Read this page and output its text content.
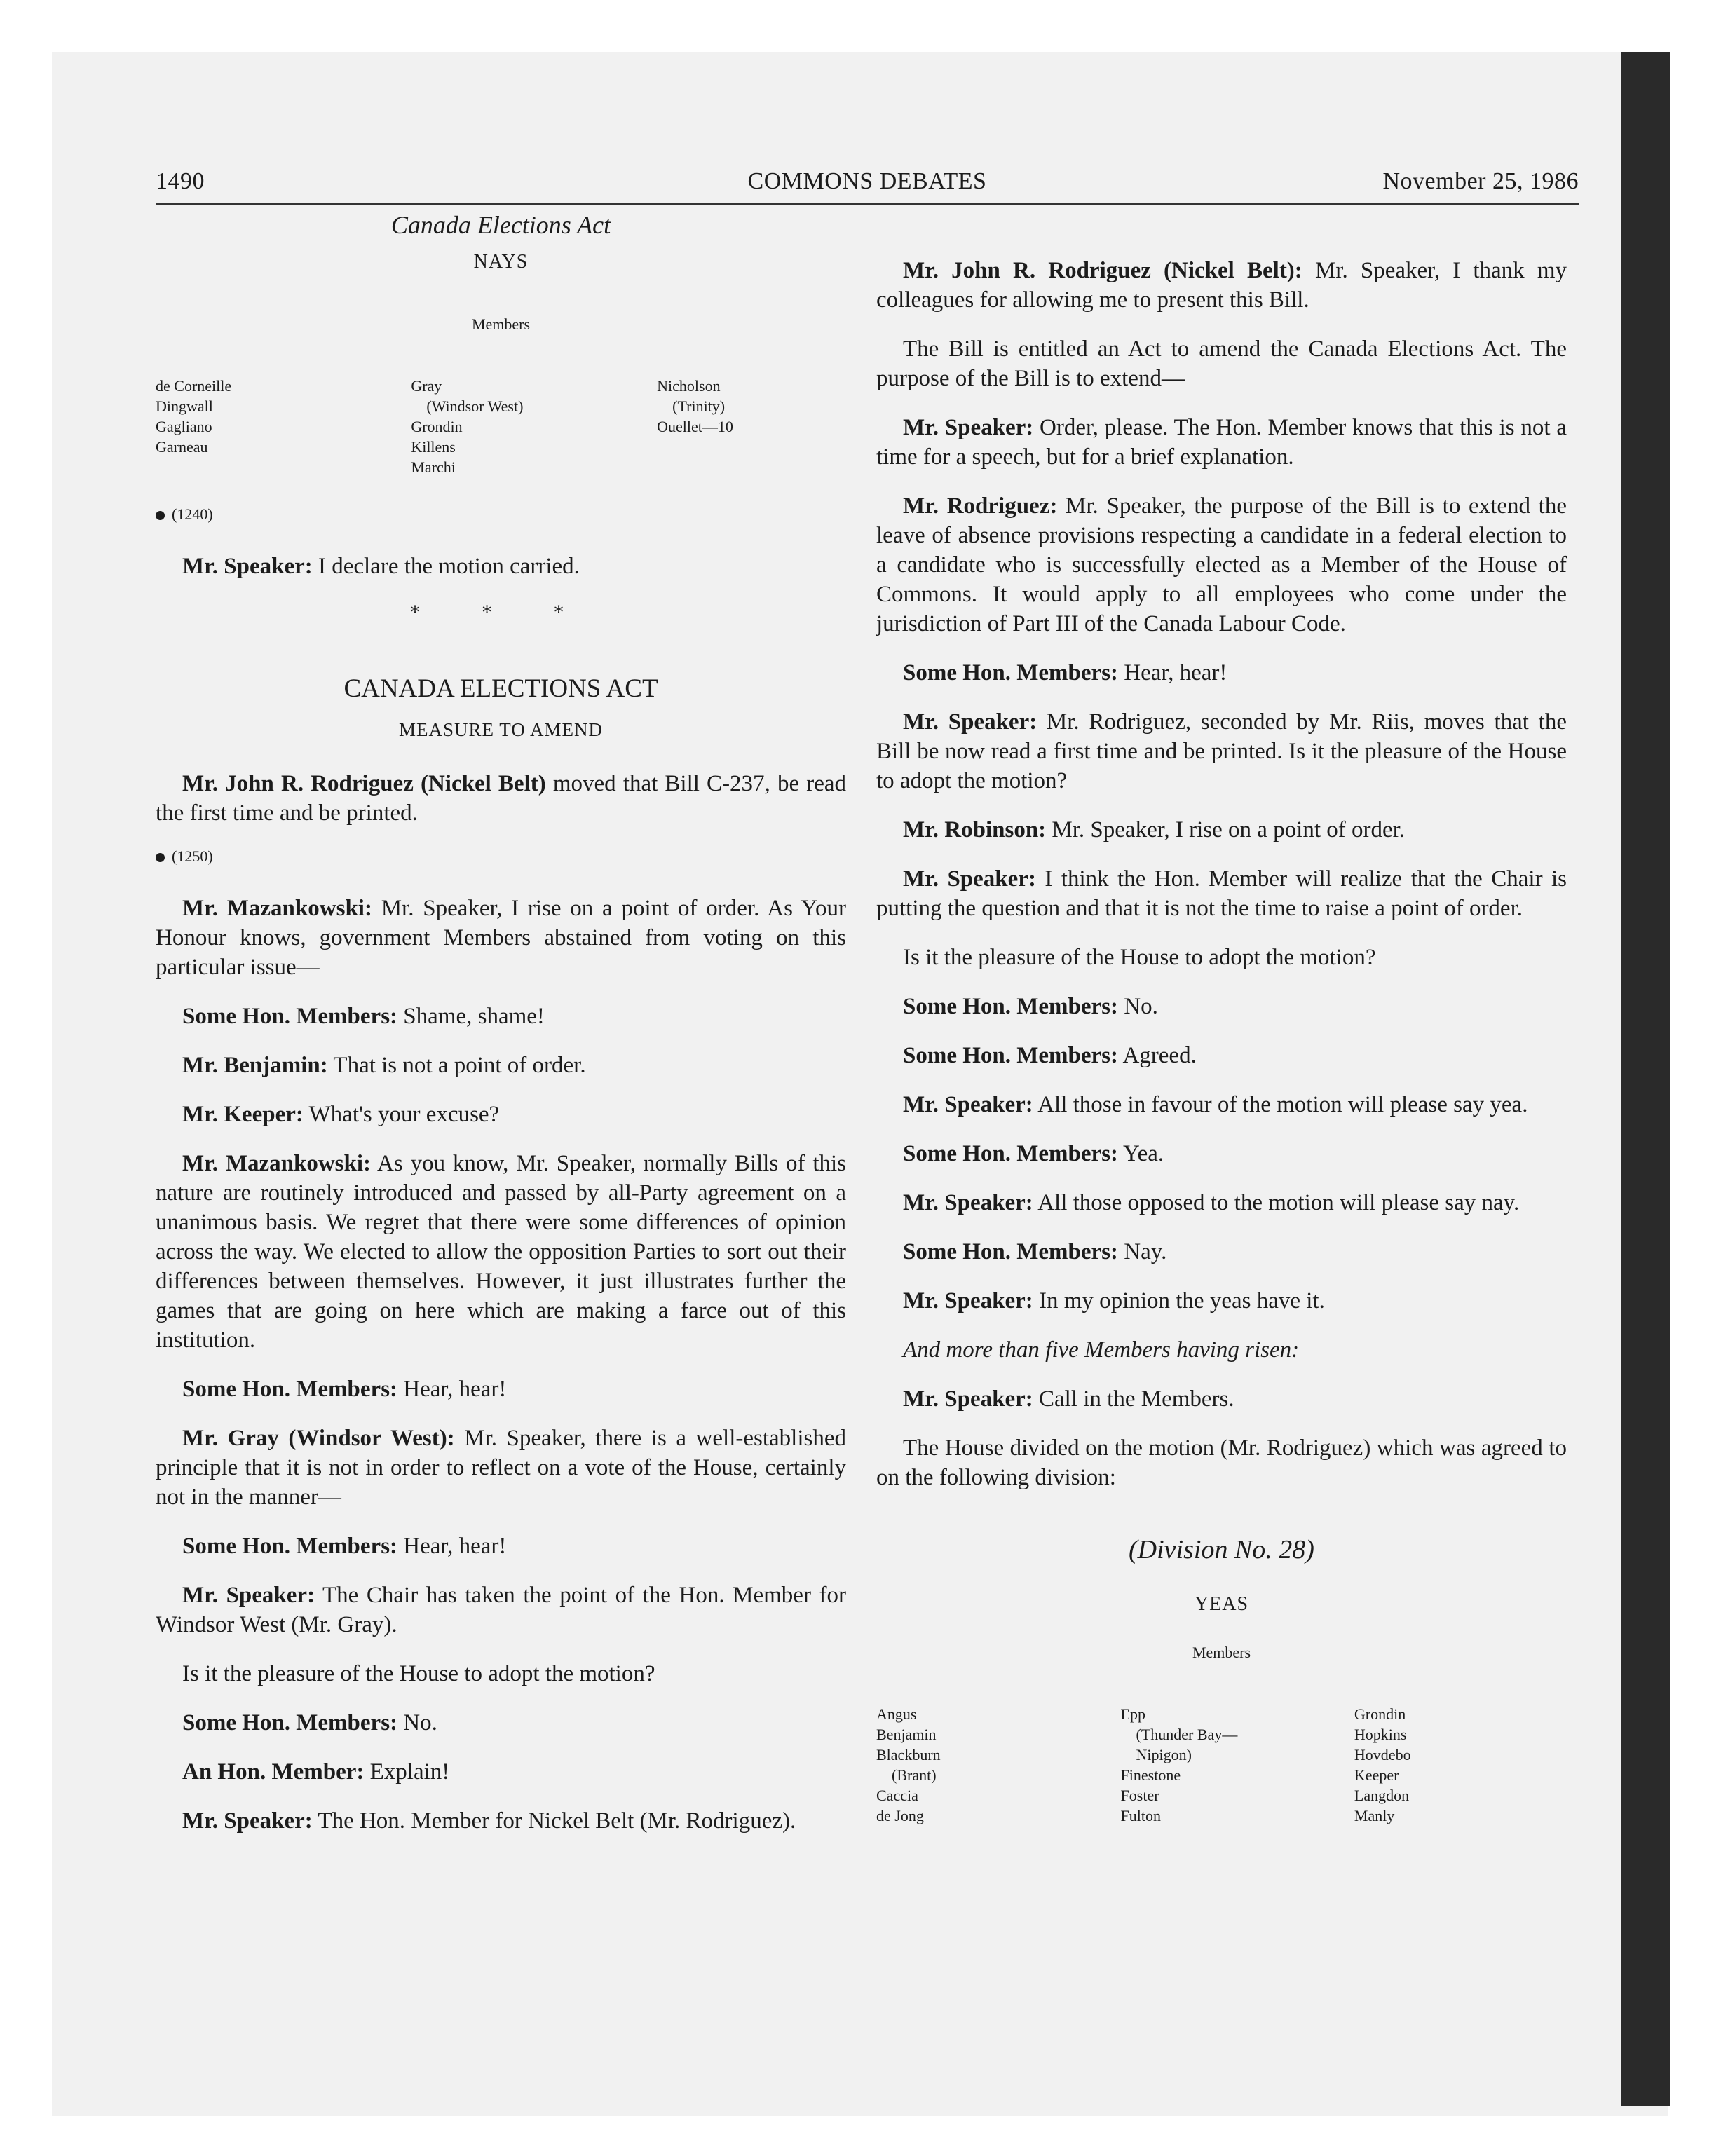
1490	COMMONS DEBATES	November 25, 1986
Canada Elections Act
NAYS
Members
de Corneille
Dingwall
Gagliano
Garneau
Gray
(Windsor West)
Grondin
Killens
Marchi
Nicholson
(Trinity)
Ouellet—10
(1240)

Mr. Speaker: I declare the motion carried.

* * *
CANADA ELECTIONS ACT
MEASURE TO AMEND

Mr. John R. Rodriguez (Nickel Belt) moved that Bill C-237, be read the first time and be printed.

(1250)

Mr. Mazankowski: Mr. Speaker, I rise on a point of order. As Your Honour knows, government Members abstained from voting on this particular issue—

Some Hon. Members: Shame, shame!

Mr. Benjamin: That is not a point of order.

Mr. Keeper: What's your excuse?

Mr. Mazankowski: As you know, Mr. Speaker, normally Bills of this nature are routinely introduced and passed by all-Party agreement on a unanimous basis. We regret that there were some differences of opinion across the way. We elected to allow the opposition Parties to sort out their differences between themselves. However, it just illustrates further the games that are going on here which are making a farce out of this institution.

Some Hon. Members: Hear, hear!

Mr. Gray (Windsor West): Mr. Speaker, there is a well-established principle that it is not in order to reflect on a vote of the House, certainly not in the manner—

Some Hon. Members: Hear, hear!

Mr. Speaker: The Chair has taken the point of the Hon. Member for Windsor West (Mr. Gray).

Is it the pleasure of the House to adopt the motion?

Some Hon. Members: No.

An Hon. Member: Explain!

Mr. Speaker: The Hon. Member for Nickel Belt (Mr. Rodriguez).

Mr. John R. Rodriguez (Nickel Belt): Mr. Speaker, I thank my colleagues for allowing me to present this Bill.

The Bill is entitled an Act to amend the Canada Elections Act. The purpose of the Bill is to extend—

Mr. Speaker: Order, please. The Hon. Member knows that this is not a time for a speech, but for a brief explanation.

Mr. Rodriguez: Mr. Speaker, the purpose of the Bill is to extend the leave of absence provisions respecting a candidate in a federal election to a candidate who is successfully elected as a Member of the House of Commons. It would apply to all employees who come under the jurisdiction of Part III of the Canada Labour Code.

Some Hon. Members: Hear, hear!

Mr. Speaker: Mr. Rodriguez, seconded by Mr. Riis, moves that the Bill be now read a first time and be printed. Is it the pleasure of the House to adopt the motion?

Mr. Robinson: Mr. Speaker, I rise on a point of order.

Mr. Speaker: I think the Hon. Member will realize that the Chair is putting the question and that it is not the time to raise a point of order.

Is it the pleasure of the House to adopt the motion?

Some Hon. Members: No.

Some Hon. Members: Agreed.

Mr. Speaker: All those in favour of the motion will please say yea.

Some Hon. Members: Yea.

Mr. Speaker: All those opposed to the motion will please say nay.

Some Hon. Members: Nay.

Mr. Speaker: In my opinion the yeas have it.

And more than five Members having risen:

Mr. Speaker: Call in the Members.

The House divided on the motion (Mr. Rodriguez) which was agreed to on the following division:

(Division No. 28)
YEAS
Members
Angus
Benjamin
Blackburn
(Brant)
Caccia
de Jong
Epp
(Thunder Bay—
Nipigon)
Finestone
Foster
Fulton
Grondin
Hopkins
Hovdebo
Keeper
Langdon
Manly
